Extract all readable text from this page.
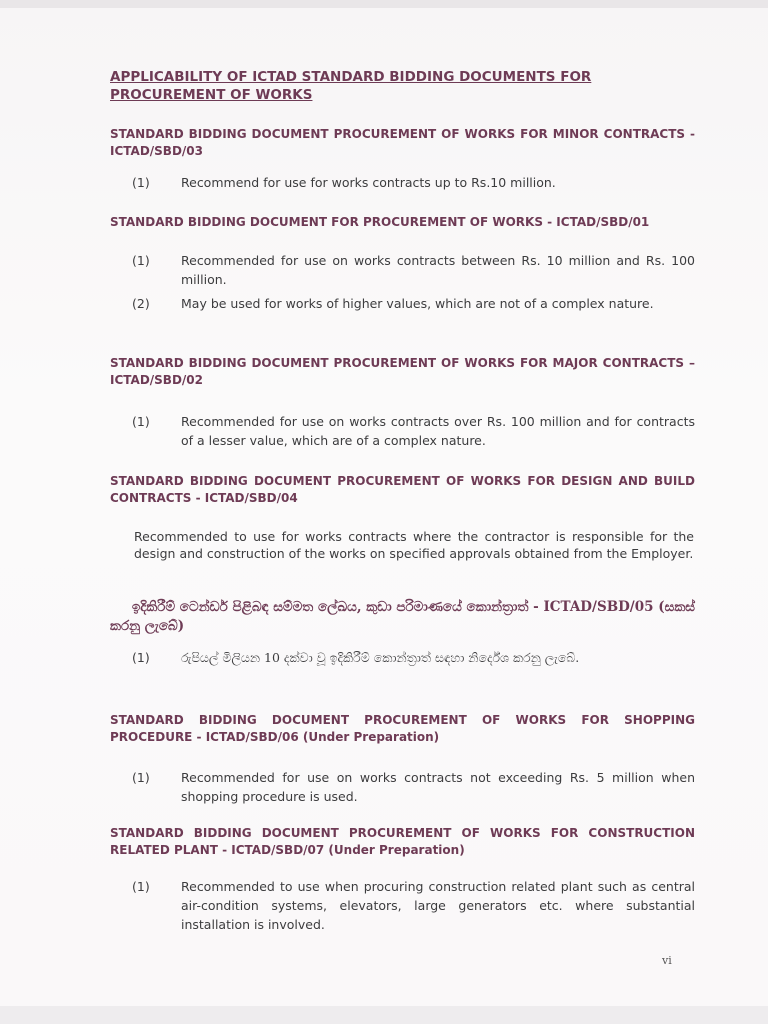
APPLICABILITY OF ICTAD STANDARD BIDDING DOCUMENTS FOR PROCUREMENT OF WORKS
STANDARD BIDDING DOCUMENT PROCUREMENT OF WORKS FOR MINOR CONTRACTS - ICTAD/SBD/03
(1)	Recommend for use for works contracts up to Rs.10 million.
STANDARD BIDDING DOCUMENT FOR PROCUREMENT OF WORKS - ICTAD/SBD/01
(1)	Recommended for use on works contracts between Rs. 10 million and Rs. 100 million.
(2)	May be used for works of higher values, which are not of a complex nature.
STANDARD BIDDING DOCUMENT PROCUREMENT OF WORKS FOR MAJOR CONTRACTS – ICTAD/SBD/02
(1)	Recommended for use on works contracts over Rs. 100 million and for contracts of a lesser value, which are of a complex nature.
STANDARD BIDDING DOCUMENT PROCUREMENT OF WORKS FOR DESIGN AND BUILD CONTRACTS - ICTAD/SBD/04
Recommended to use for works contracts where the contractor is responsible for the design and construction of the works on specified approvals obtained from the Employer.
ඉදිකිරීම් ටෙන්ඩර් පිළිබඳ සම්මත ලේඛය, කුඩා පරිමාණයේ කොන්ත්‍රාත් - ICTAD/SBD/05 (සකස් කරනු ලැබේ)
(1)	රුපියල් මිලියන 10 දක්වා වූ ඉදිකිරීම් කොන්ත්‍රාත් සඳහා නිර්දේශ කරනු ලැබේ.
STANDARD BIDDING DOCUMENT PROCUREMENT OF WORKS FOR SHOPPING PROCEDURE - ICTAD/SBD/06 (Under Preparation)
(1)	Recommended for use on works contracts not exceeding Rs. 5 million when shopping procedure is used.
STANDARD BIDDING DOCUMENT PROCUREMENT OF WORKS FOR CONSTRUCTION RELATED PLANT - ICTAD/SBD/07 (Under Preparation)
(1)	Recommended to use when procuring construction related plant such as central air-condition systems, elevators, large generators etc. where substantial installation is involved.
vi
